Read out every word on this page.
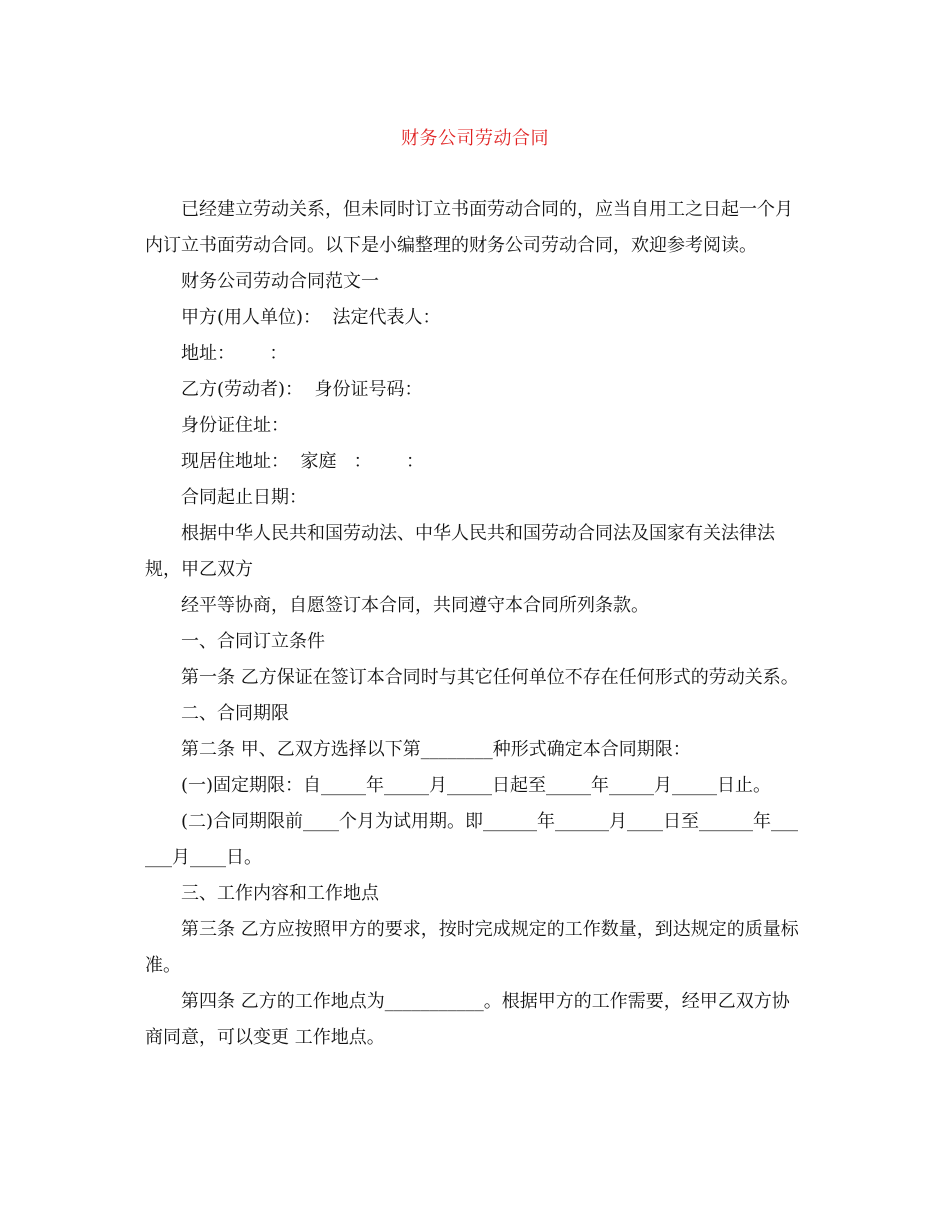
财务公司劳动合同

已经建立劳动关系，但未同时订立书面劳动合同的，应当自用工之日起一个月内订立书面劳动合同。以下是小编整理的财务公司劳动合同，欢迎参考阅读。

财务公司劳动合同范文一

甲方(用人单位)：  法定代表人：

地址：      ：

乙方(劳动者)：  身份证号码：

身份证住址：

现居住地址：  家庭   ：      ：

合同起止日期：

根据中华人民共和国劳动法、中华人民共和国劳动合同法及国家有关法律法规，甲乙双方

经平等协商，自愿签订本合同，共同遵守本合同所列条款。

一、合同订立条件

第一条 乙方保证在签订本合同时与其它任何单位不存在任何形式的劳动关系。

二、合同期限

第二条 甲、乙双方选择以下第________种形式确定本合同期限：

(一)固定期限：自_____年_____月_____日起至_____年_____月_____日止。

(二)合同期限前____个月为试用期。即______年______月____日至______年______月____日。

三、工作内容和工作地点

第三条 乙方应按照甲方的要求，按时完成规定的工作数量，到达规定的质量标准。

第四条 乙方的工作地点为___________。根据甲方的工作需要，经甲乙双方协商同意，可以变更 工作地点。
